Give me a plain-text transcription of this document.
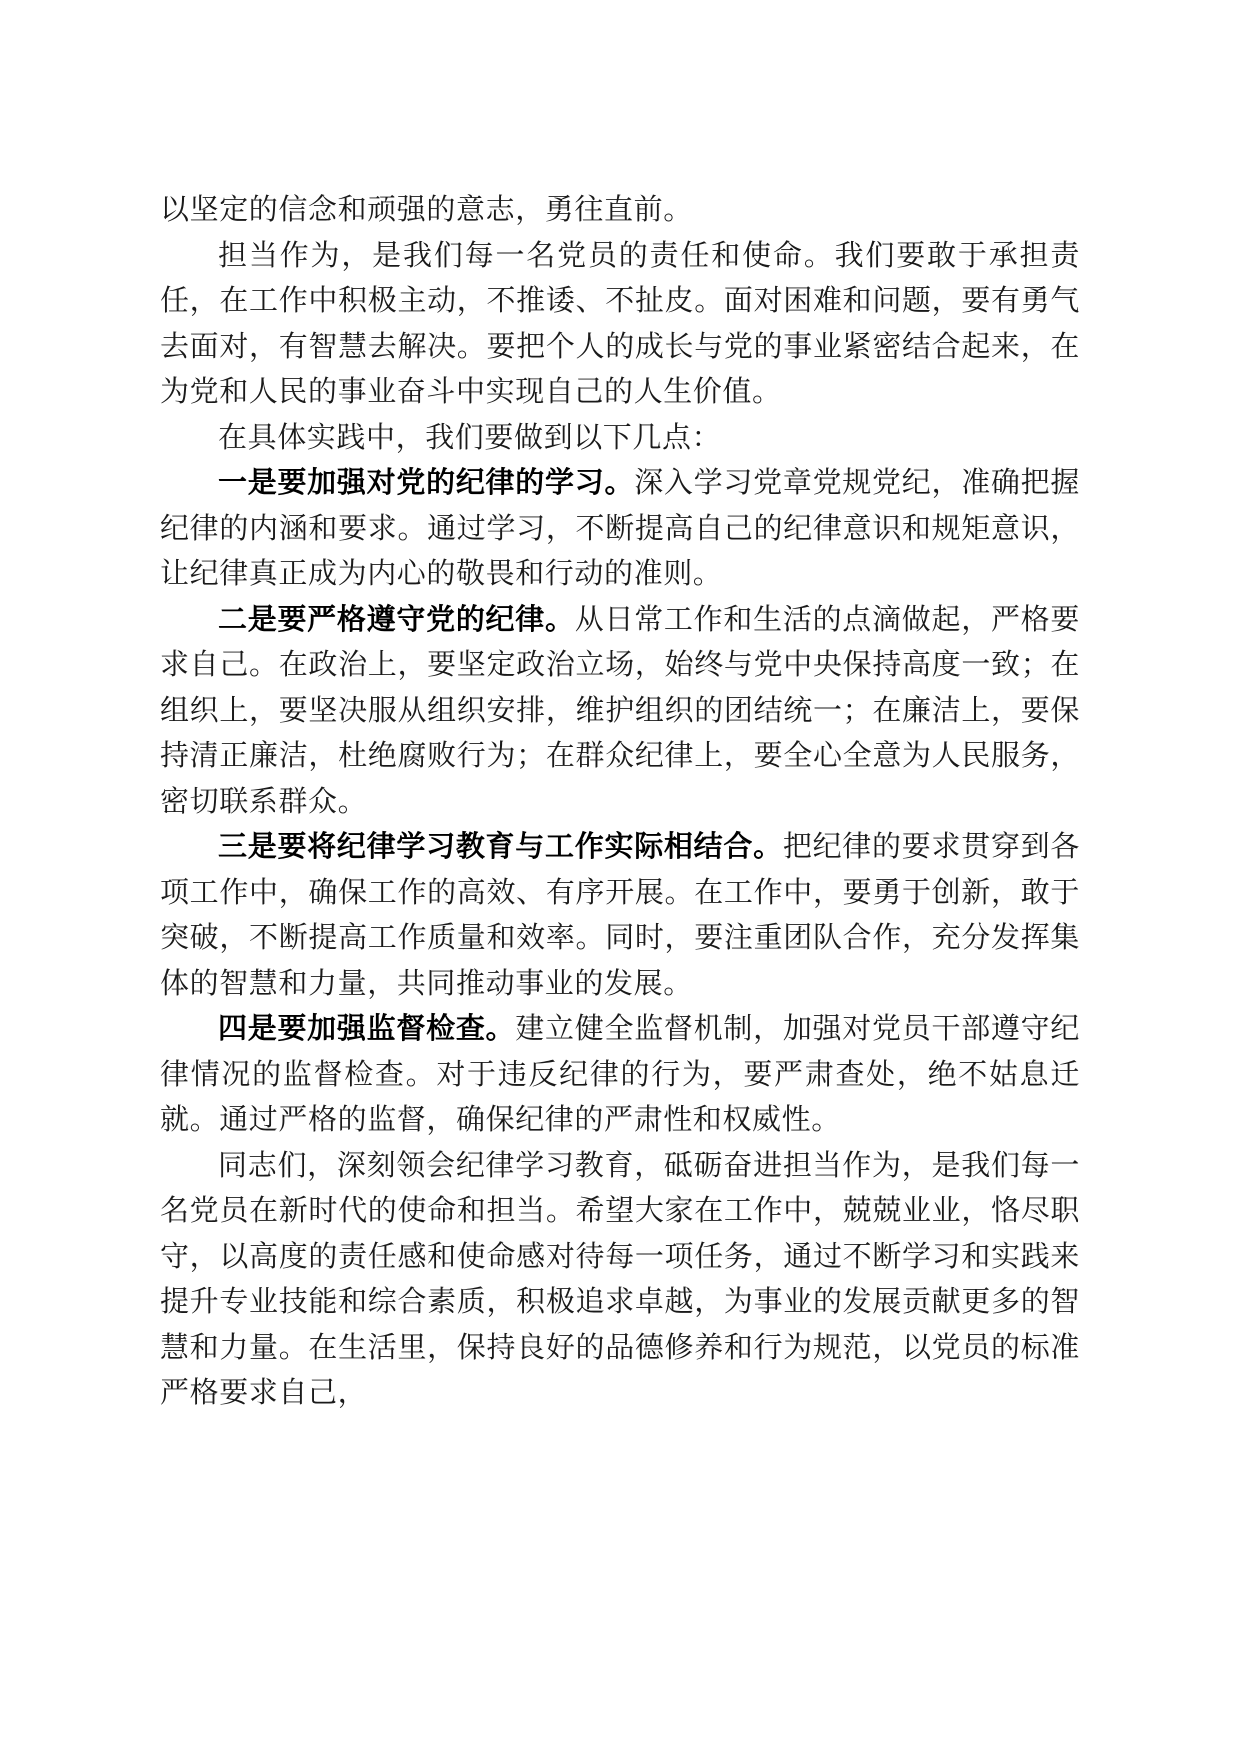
以坚定的信念和顽强的意志，勇往直前。

担当作为，是我们每一名党员的责任和使命。我们要敢于承担责任，在工作中积极主动，不推诿、不扯皮。面对困难和问题，要有勇气去面对，有智慧去解决。要把个人的成长与党的事业紧密结合起来，在为党和人民的事业奋斗中实现自己的人生价值。

在具体实践中，我们要做到以下几点：

一是要加强对党的纪律的学习。深入学习党章党规党纪，准确把握纪律的内涵和要求。通过学习，不断提高自己的纪律意识和规矩意识，让纪律真正成为内心的敬畏和行动的准则。

二是要严格遵守党的纪律。从日常工作和生活的点滴做起，严格要求自己。在政治上，要坚定政治立场，始终与党中央保持高度一致；在组织上，要坚决服从组织安排，维护组织的团结统一；在廉洁上，要保持清正廉洁，杜绝腐败行为；在群众纪律上，要全心全意为人民服务，密切联系群众。

三是要将纪律学习教育与工作实际相结合。把纪律的要求贯穿到各项工作中，确保工作的高效、有序开展。在工作中，要勇于创新，敢于突破，不断提高工作质量和效率。同时，要注重团队合作，充分发挥集体的智慧和力量，共同推动事业的发展。

四是要加强监督检查。建立健全监督机制，加强对党员干部遵守纪律情况的监督检查。对于违反纪律的行为，要严肃查处，绝不姑息迁就。通过严格的监督，确保纪律的严肃性和权威性。

同志们，深刻领会纪律学习教育，砥砺奋进担当作为，是我们每一名党员在新时代的使命和担当。希望大家在工作中，兢兢业业，恪尽职守，以高度的责任感和使命感对待每一项任务，通过不断学习和实践来提升专业技能和综合素质，积极追求卓越，为事业的发展贡献更多的智慧和力量。在生活里，保持良好的品德修养和行为规范，以党员的标准严格要求自己，
